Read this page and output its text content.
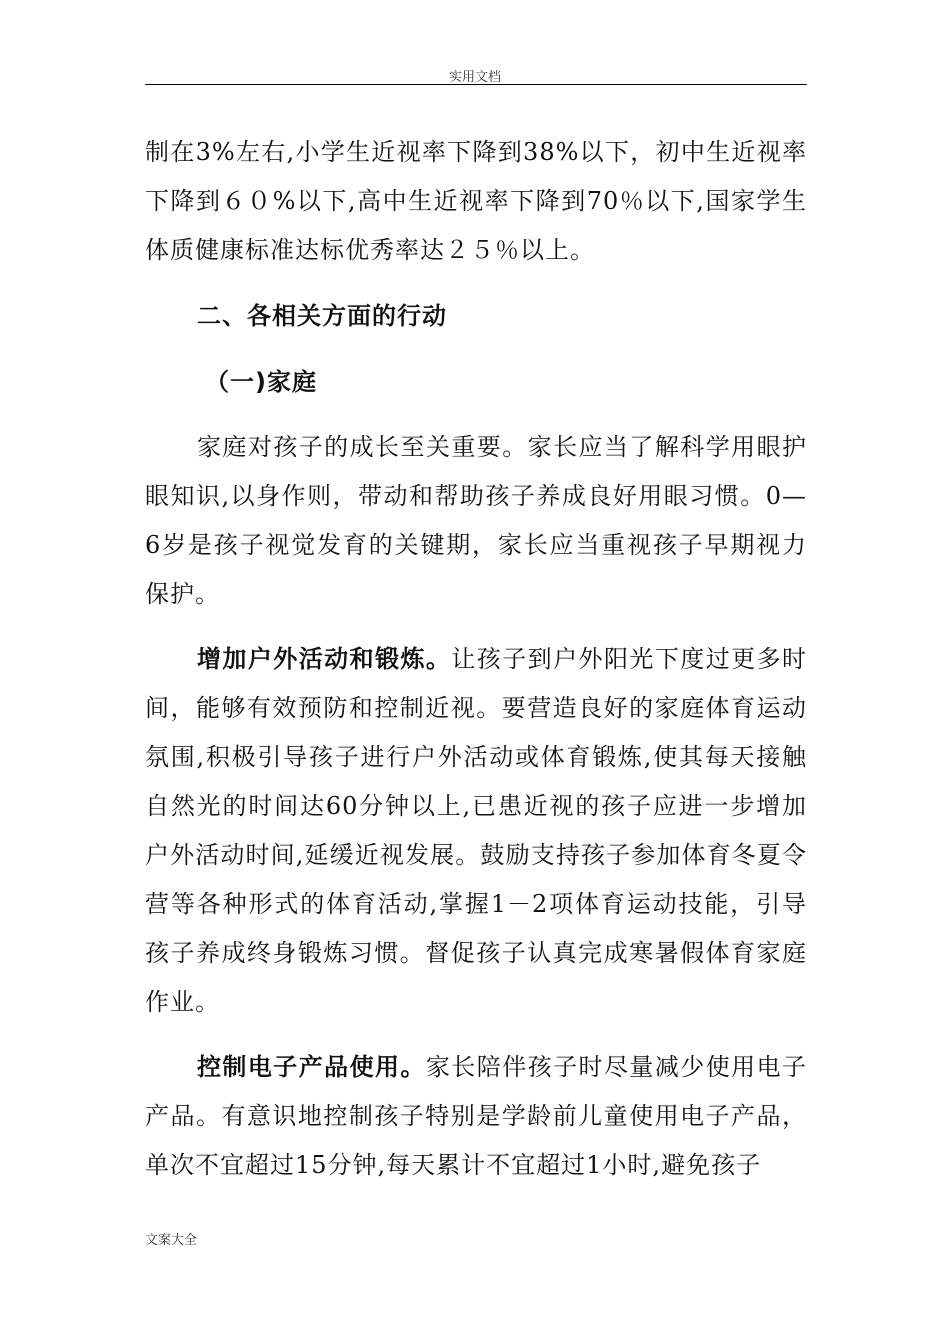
实用文档

制在3%左右,小学生近视率下降到38%以下，初中生近视率下降到６０%以下,高中生近视率下降到70％以下,国家学生体质健康标准达标优秀率达２５％以上。

二、各相关方面的行动

（一)家庭

家庭对孩子的成长至关重要。家长应当了解科学用眼护眼知识,以身作则，带动和帮助孩子养成良好用眼习惯。0—6岁是孩子视觉发育的关键期，家长应当重视孩子早期视力保护。

增加户外活动和锻炼。让孩子到户外阳光下度过更多时间，能够有效预防和控制近视。要营造良好的家庭体育运动氛围,积极引导孩子进行户外活动或体育锻炼,使其每天接触自然光的时间达60分钟以上,已患近视的孩子应进一步增加户外活动时间,延缓近视发展。鼓励支持孩子参加体育冬夏令营等各种形式的体育活动,掌握1－2项体育运动技能，引导孩子养成终身锻炼习惯。督促孩子认真完成寒暑假体育家庭作业。

控制电子产品使用。家长陪伴孩子时尽量减少使用电子产品。有意识地控制孩子特别是学龄前儿童使用电子产品，单次不宜超过15分钟,每天累计不宜超过1小时,避免孩子

文案大全
